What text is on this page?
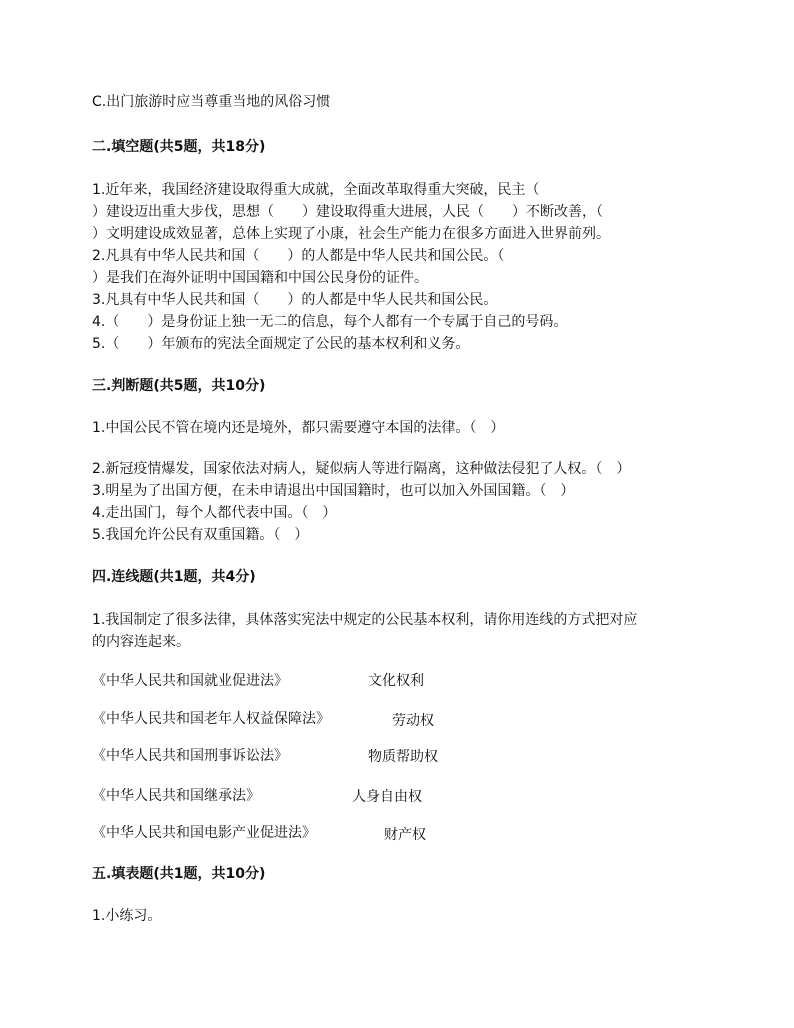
C.出门旅游时应当尊重当地的风俗习惯
二.填空题(共5题，共18分)
1.近年来，我国经济建设取得重大成就，全面改革取得重大突破，民主（
）建设迈出重大步伐，思想（　　）建设取得重大进展，人民（　　）不断改善，（
）文明建设成效显著，总体上实现了小康，社会生产能力在很多方面进入世界前列。
2.凡具有中华人民共和国（　　）的人都是中华人民共和国公民。（
）是我们在海外证明中国国籍和中国公民身份的证件。
3.凡具有中华人民共和国（　　）的人都是中华人民共和国公民。
4.（　　）是身份证上独一无二的信息，每个人都有一个专属于自己的号码。
5.（　　）年颁布的宪法全面规定了公民的基本权利和义务。
三.判断题(共5题，共10分)
1.中国公民不管在境内还是境外，都只需要遵守本国的法律。（　）
2.新冠疫情爆发，国家依法对病人，疑似病人等进行隔离，这种做法侵犯了人权。（　）
3.明星为了出国方便，在未申请退出中国国籍时，也可以加入外国国籍。（　）
4.走出国门，每个人都代表中国。（　）
5.我国允许公民有双重国籍。（　）
四.连线题(共1题，共4分)
1.我国制定了很多法律，具体落实宪法中规定的公民基本权利，请你用连线的方式把对应
的内容连起来。
《中华人民共和国就业促进法》	文化权利
《中华人民共和国老年人权益保障法》	劳动权
《中华人民共和国刑事诉讼法》	物质帮助权
《中华人民共和国继承法》	人身自由权
《中华人民共和国电影产业促进法》	财产权
五.填表题(共1题，共10分)
1.小练习。
